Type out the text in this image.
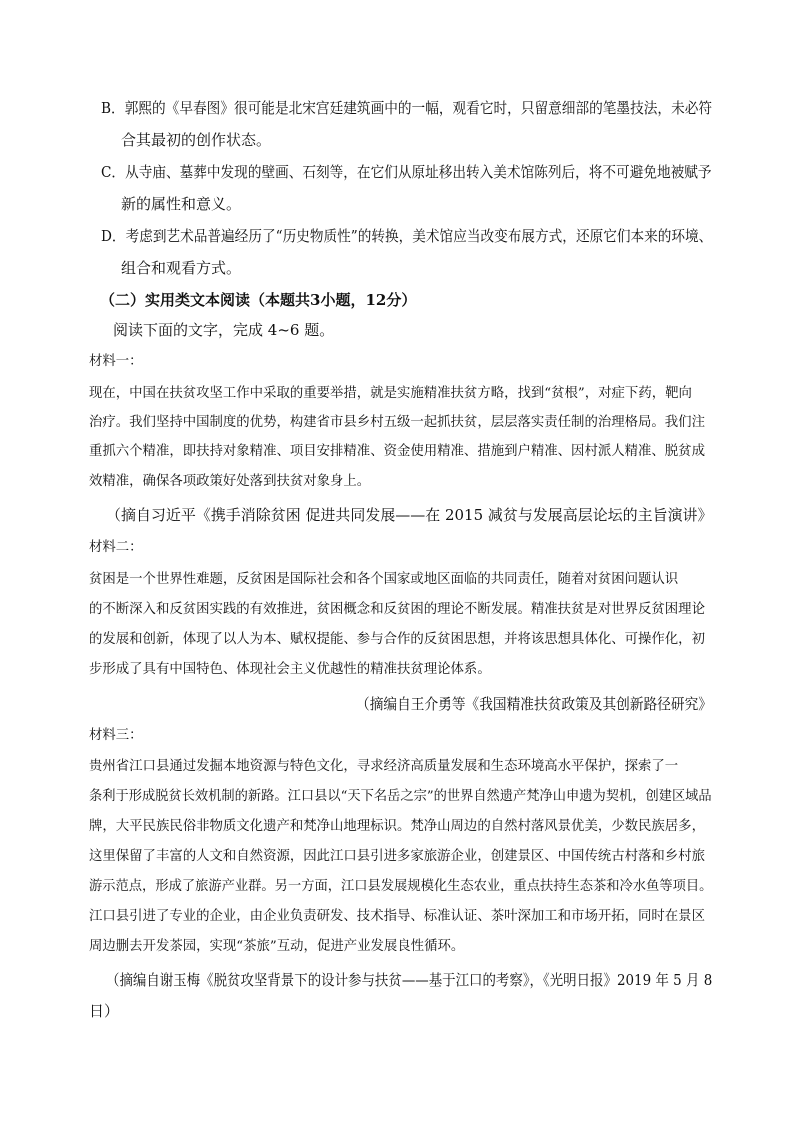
B．郭熙的《早春图》很可能是北宋宫廷建筑画中的一幅，观看它时，只留意细部的笔墨技法，未必符
合其最初的创作状态。
C．从寺庙、墓葬中发现的壁画、石刻等，在它们从原址移出转入美术馆陈列后，将不可避免地被赋予
新的属性和意义。
D．考虑到艺术品普遍经历了“历史物质性”的转换，美术馆应当改变布展方式，还原它们本来的环境、
组合和观看方式。
（二）实用类文本阅读（本题共3小题，12分）
阅读下面的文字，完成 4~6 题。
材料一：
现在，中国在扶贫攻坚工作中采取的重要举措，就是实施精准扶贫方略，找到“贫根”，对症下药，靶向
治疗。我们坚持中国制度的优势，构建省市县乡村五级一起抓扶贫，层层落实责任制的治理格局。我们注
重抓六个精准，即扶持对象精准、项目安排精准、资金使用精准、措施到户精准、因村派人精准、脱贫成
效精准，确保各项政策好处落到扶贫对象身上。
（摘自习近平《携手消除贫困 促进共同发展——在 2015 减贫与发展高层论坛的主旨演讲》
材料二：
贫困是一个世界性难题，反贫困是国际社会和各个国家或地区面临的共同责任，随着对贫困问题认识
的不断深入和反贫困实践的有效推进，贫困概念和反贫困的理论不断发展。精准扶贫是对世界反贫困理论
的发展和创新，体现了以人为本、赋权提能、参与合作的反贫困思想，并将该思想具体化、可操作化，初
步形成了具有中国特色、体现社会主义优越性的精准扶贫理论体系。
（摘编自王介勇等《我国精准扶贫政策及其创新路径研究》
材料三：
贵州省江口县通过发掘本地资源与特色文化，寻求经济高质量发展和生态环境高水平保护，探索了一
条利于形成脱贫长效机制的新路。江口县以“天下名岳之宗”的世界自然遗产梵净山申遗为契机，创建区域品
牌，大平民族民俗非物质文化遗产和梵净山地理标识。梵净山周边的自然村落风景优美，少数民族居多，
这里保留了丰富的人文和自然资源，因此江口县引进多家旅游企业，创建景区、中国传统古村落和乡村旅
游示范点，形成了旅游产业群。另一方面，江口县发展规模化生态农业，重点扶持生态茶和冷水鱼等项目。
江口县引进了专业的企业，由企业负责研发、技术指导、标准认证、茶叶深加工和市场开拓，同时在景区
周边删去开发茶园，实现“茶旅”互动，促进产业发展良性循环。
（摘编自谢玉梅《脱贫攻坚背景下的设计参与扶贫——基于江口的考察》，《光明日报》2019 年 5 月 8
日）
